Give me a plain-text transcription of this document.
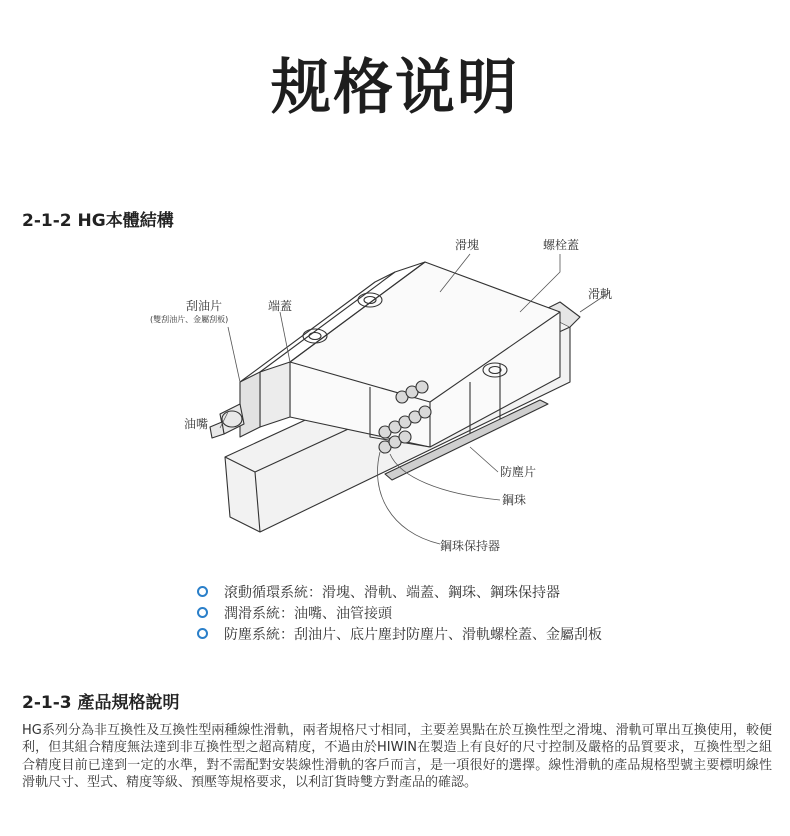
规格说明
2-1-2 HG本體結構
滑塊	螺栓蓋
滑軌
刮油片
(雙刮油片、金屬刮板)
端蓋
油嘴
防塵片
鋼珠
鋼珠保持器
滾動循環系統：滑塊、滑軌、端蓋、鋼珠、鋼珠保持器
潤滑系統：油嘴、油管接頭
防塵系統：刮油片、底片塵封防塵片、滑軌螺栓蓋、金屬刮板
2-1-3 產品規格說明

HG系列分為非互換性及互換性型兩種線性滑軌，兩者規格尺寸相同，主要差異點在於互換性型之滑塊、滑軌可單出互換使用，較便利，但其組合精度無法達到非互換性型之超高精度，不過由於HIWIN在製造上有良好的尺寸控制及嚴格的品質要求，互換性型之組合精度目前已達到一定的水準，對不需配對安裝線性滑軌的客戶而言，是一項很好的選擇。線性滑軌的產品規格型號主要標明線性滑軌尺寸、型式、精度等級、預壓等規格要求，以利訂貨時雙方對產品的確認。
